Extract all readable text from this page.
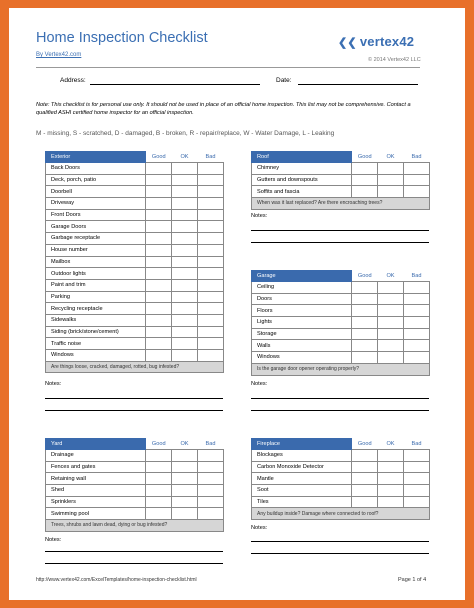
Home Inspection Checklist
By Vertex42.com
❮❮ vertex42
© 2014 Vertex42 LLC
Address:	Date:
Note: This checklist is for personal use only. It should not be used in place of an official home inspection. This list may not be comprehensive. Contact a qualified ASHI certified home inspector for an official inspection.
M - missing, S - scratched, D - damaged, B - broken, R - repair/replace, W - Water Damage, L - Leaking
Exterior	Good	OK	Bad
Back Doors			
Deck, porch, patio			
Doorbell			
Driveway			
Front Doors			
Garage Doors			
Garbage receptacle			
House number			
Mailbox			
Outdoor lights			
Paint and trim			
Parking			
Recycling receptacle			
Sidewalks			
Siding (brick/stone/cement)			
Traffic noise			
Windows			
Are things loose, cracked, damaged, rotted, bug infested?			
Notes:
Roof	Good	OK	Bad
Chimney			
Gutters and downspouts			
Soffits and fascia			
When was it last replaced? Are there encroaching trees?			
Notes:
Garage	Good	OK	Bad
Ceiling			
Doors			
Floors			
Lights			
Storage			
Walls			
Windows			
Is the garage door opener operating properly?			
Notes:
Yard	Good	OK	Bad
Drainage			
Fences and gates			
Retaining wall			
Shed			
Sprinklers			
Swimming pool			
Trees, shrubs and lawn dead, dying or bug infested?			
Notes:
Fireplace	Good	OK	Bad
Blockages			
Carbon Monoxide Detector			
Mantle			
Soot			
Tiles			
Any buildup inside? Damage where connected to roof?			
Notes:
http://www.vertex42.com/ExcelTemplates/home-inspection-checklist.html	Page 1 of 4
